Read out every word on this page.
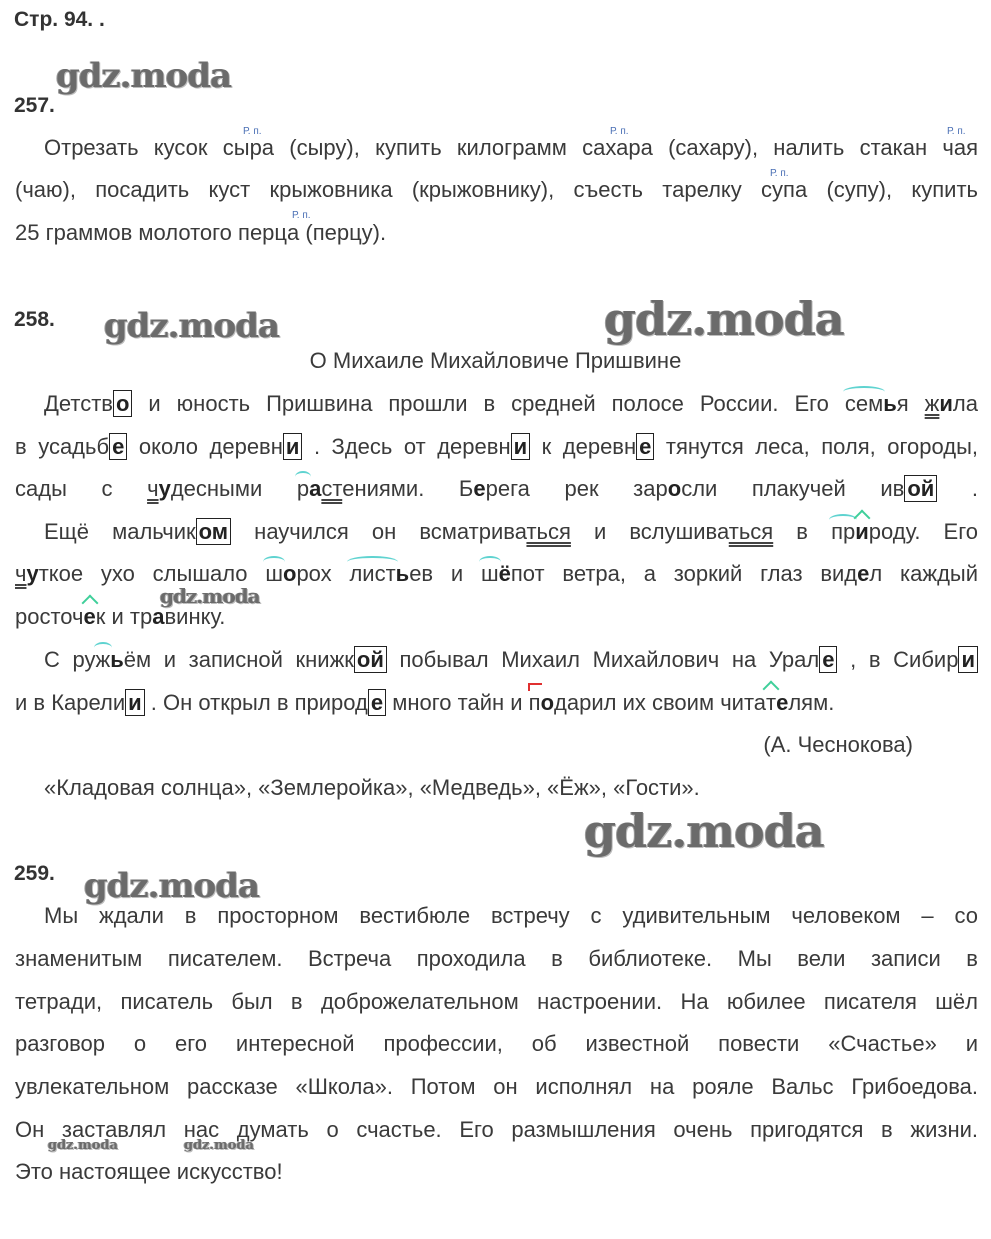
Стр. 94. .
gdz.moda
gdz.moda	gdz.moda
gdz.moda
gdz.moda
gdz.moda
gdz.moda	gdz.moda
257.
Р. п.	Р. п.	Р. п.
Р. п.
Р. п.
Отрезать кусок сыра (сыру), купить килограмм сахара (сахару), налить стакан чая
(чаю), посадить куст крыжовника (крыжовнику), съесть тарелку супа (супу), купить
25 граммов молотого перца (перцу).
258.
О Михаиле Михайловиче Пришвине
Детств о и юность Пришвина прошли в средней полосе России. Его семья жила
в усадьб е около деревн и . Здесь от деревн и к деревн е тянутся леса, поля, огороды,
сады с чудесными растениями. Берега рек заросли плакучей ив ой .
Ещё мальчик ом научился он всматриваться и вслушиваться в природу. Его
чуткое ухо слышало шорох листьев и шёпот ветра, а зоркий глаз видел каждый
росточек и травинку.
С ружьём и записной книжк ой побывал Михаил Михайлович на Урал е , в Сибир и
и в Карели и . Он открыл в природ е много тайн и подарил их своим читателям.
(А. Чеснокова)
«Кладовая солнца», «Землеройка», «Медведь», «Ёж», «Гости».
259.
Мы ждали в просторном вестибюле встречу с удивительным человеком – со
знаменитым писателем. Встреча проходила в библиотеке. Мы вели записи в
тетради, писатель был в доброжелательном настроении. На юбилее писателя шёл
разговор о его интересной профессии, об известной повести «Счастье» и
увлекательном рассказе «Школа». Потом он исполнял на рояле Вальс Грибоедова.
Он заставлял нас думать о счастье. Его размышления очень пригодятся в жизни.
Это настоящее искусство!
